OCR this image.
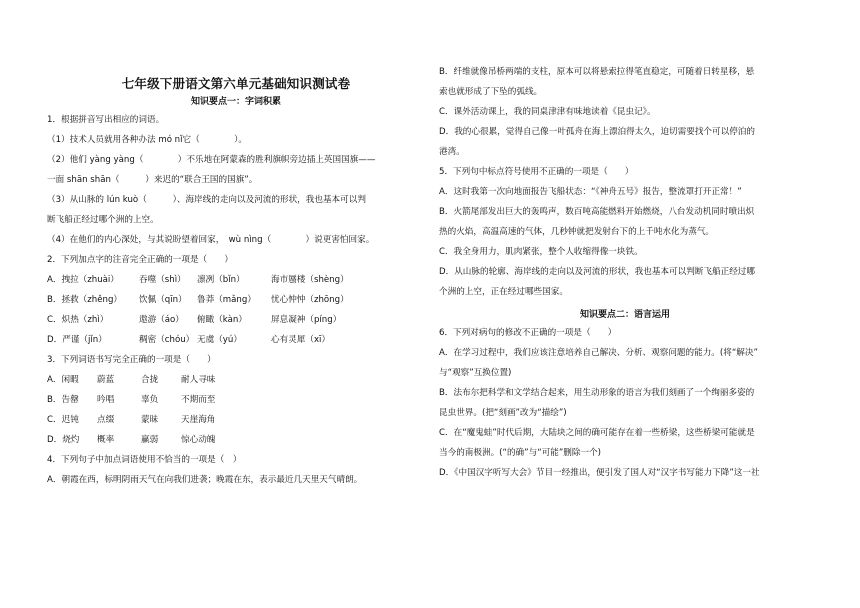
七年级下册语文第六单元基础知识测试卷

知识要点一：字词积累

1．根据拼音写出相应的词语。

（1）技术人员就用各种办法 mó nǐ它（　　　　）。

（2）他们 yàng yàng（　　　　）不乐地在阿蒙森的胜利旗帜旁边插上英国国旗——

一面 shān shān（　　　）来迟的“联合王国的国旗”。

（3）从山脉的 lún kuò（　　　）、海岸线的走向以及河流的形状，我也基本可以判

断飞船正经过哪个洲的上空。

（4）在他们的内心深处，与其说盼望着回家，　wù nìng（　　　　）说更害怕回家。

2．下列加点字的注音完全正确的一项是（　　）

A．拽拉（zhuài）	吞噬（shì）	凛冽（bǐn）	海市蜃楼（shèng）
B．拯救（zhěng）	饮佩（qīn）	鲁莽（mǎng）	忧心忡忡（zhōng）
C．炽热（zhì）	遨游（áo）	俯瞰（kàn）	屏息凝神（píng）
D．严谨（jǐn）	稠密（chóu） 无虞（yú）	心有灵犀（xī）

3．下列词语书写完全正确的一项是（　　）

A．闲暇	蔚蓝	合拢	耐人寻味
B．告罄	吟唱	辜负	不期而至
C．迟钝	点缀	蒙昧	天崖海角
D．烧灼	概率	赢弱	惊心动魄

4．下列句子中加点词语使用不恰当的一项是（　）

A．朝霞在西，标明阴雨天气在向我们进袭；晚霞在东，表示最近几天里天气晴朗。

B．纤维就像吊桥两端的支柱，原本可以将悬索拉得笔直稳定，可随着日转星移，悬

索也就形成了下坠的弧线。

C．课外活动课上，我的同桌津津有味地读着《昆虫记》。

D．我的心很累，觉得自己像一叶孤舟在海上漂泊得太久，迫切需要找个可以停泊的

港湾。

5．下列句中标点符号使用不正确的一项是（　　）

A．这时我第一次向地面报告飞船状态：“《神舟五号》报告，整流罩打开正常！”

B．火箭尾部发出巨大的轰鸣声，数百吨高能燃料开始燃烧，八台发动机同时喷出炽

热的火焰，高温高速的气体，几秒钟就把发射台下的上千吨水化为蒸气。

C．我全身用力，肌肉紧张，整个人收缩得像一块铁。

D．从山脉的轮廓、海岸线的走向以及河流的形状，我也基本可以判断飞船正经过哪

个洲的上空，正在经过哪些国家。

知识要点二：语言运用

6．下列对病句的修改不正确的一项是（　　）

A．在学习过程中，我们应该注意培养自己解决、分析、观察问题的能力。(将“解决”

与“观察”互换位置)

B．法布尔把科学和文学结合起来，用生动形象的语言为我们刻画了一个绚丽多姿的

昆虫世界。(把“刻画”改为“描绘”)

C．在“魔鬼蛙”时代后期，大陆块之间的确可能存在着一些桥梁，这些桥梁可能就是

当今的南极洲。(“的确”与“可能”删除一个)

D．《中国汉字听写大会》节目一经推出，便引发了国人对“汉字书写能力下降”这一社
